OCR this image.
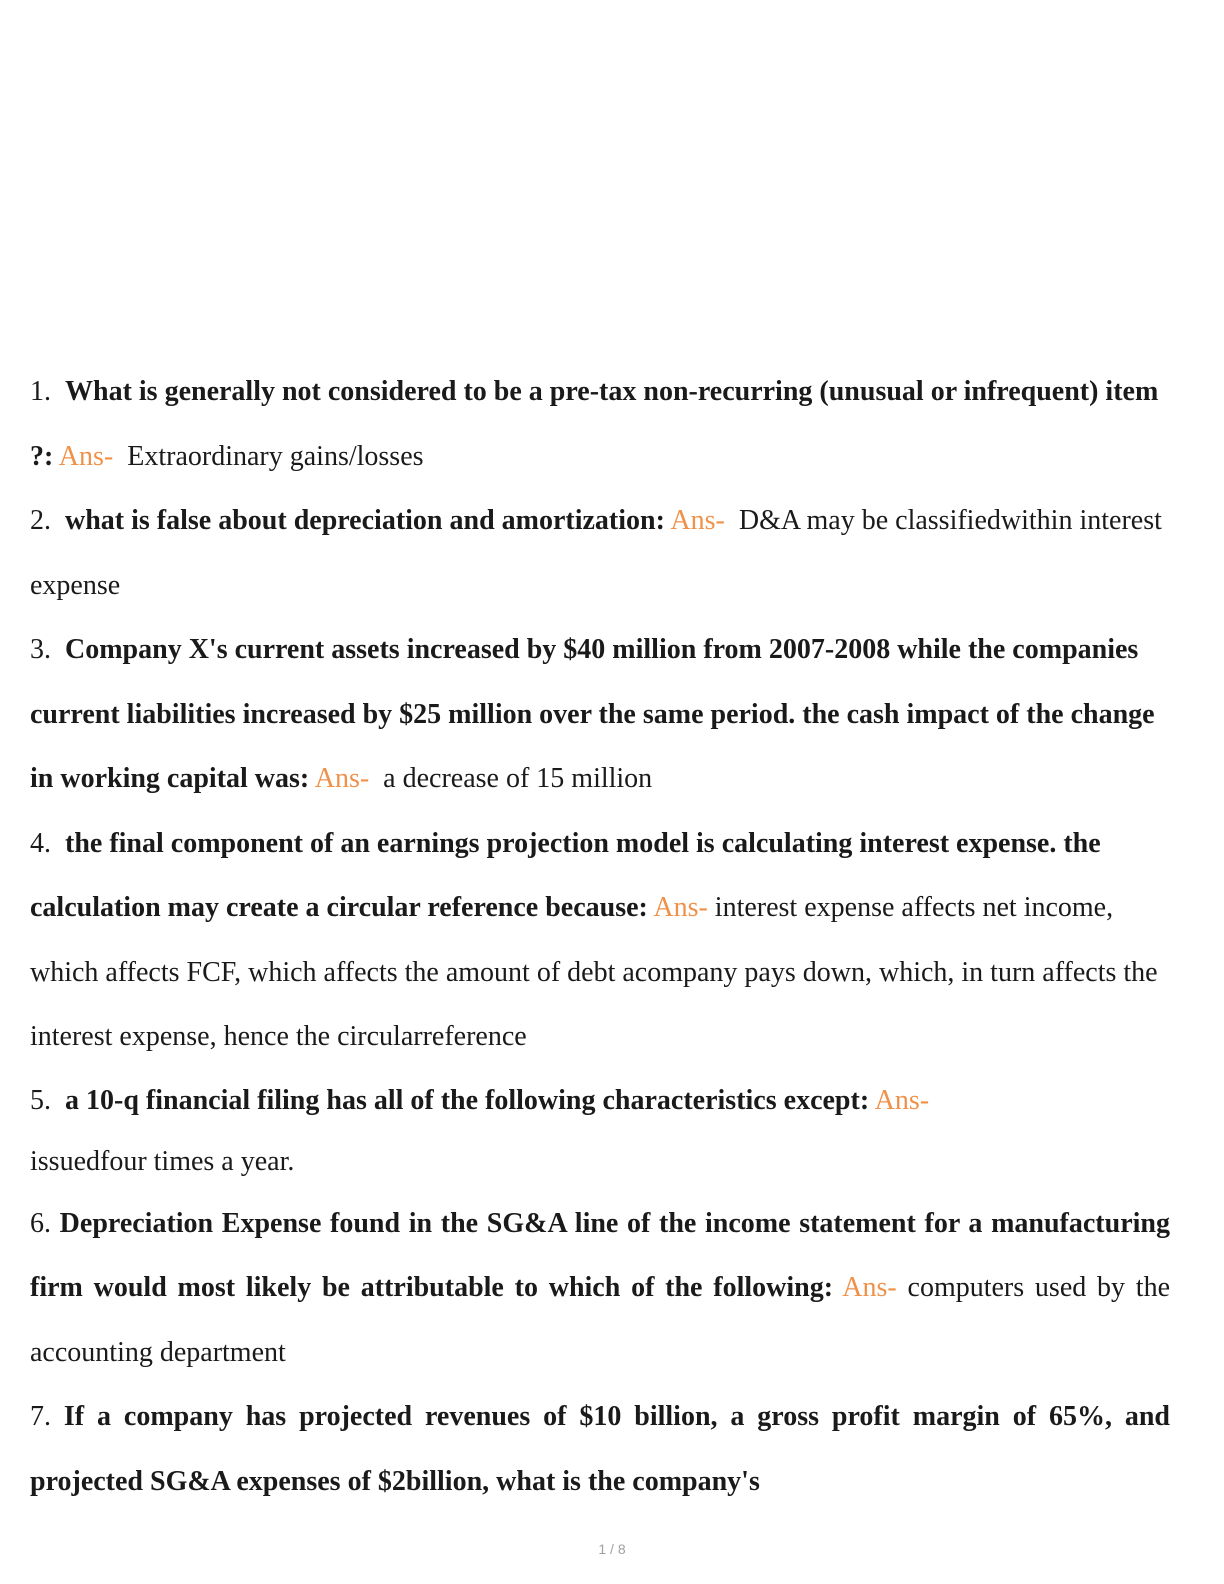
1. What is generally not considered to be a pre-tax non-recurring (unusual or infrequent) item ?: Ans- Extraordinary gains/losses

2. what is false about depreciation and amortization: Ans- D&A may be classifiedwithin interest expense

3. Company X's current assets increased by $40 million from 2007-2008 while the companies current liabilities increased by $25 million over the same period. the cash impact of the change in working capital was: Ans- a decrease of 15 million

4. the final component of an earnings projection model is calculating interest expense. the calculation may create a circular reference because: Ans- interest expense affects net income, which affects FCF, which affects the amount of debt acompany pays down, which, in turn affects the interest expense, hence the circularreference

5. a 10-q financial filing has all of the following characteristics except: Ans-
issuedfour times a year.

6. Depreciation Expense found in the SG&A line of the income statement for a manufacturing firm would most likely be attributable to which of the following: Ans- computers used by the accounting department

7. If a company has projected revenues of $10 billion, a gross profit margin of 65%, and projected SG&A expenses of $2billion, what is the company's

1 / 8
